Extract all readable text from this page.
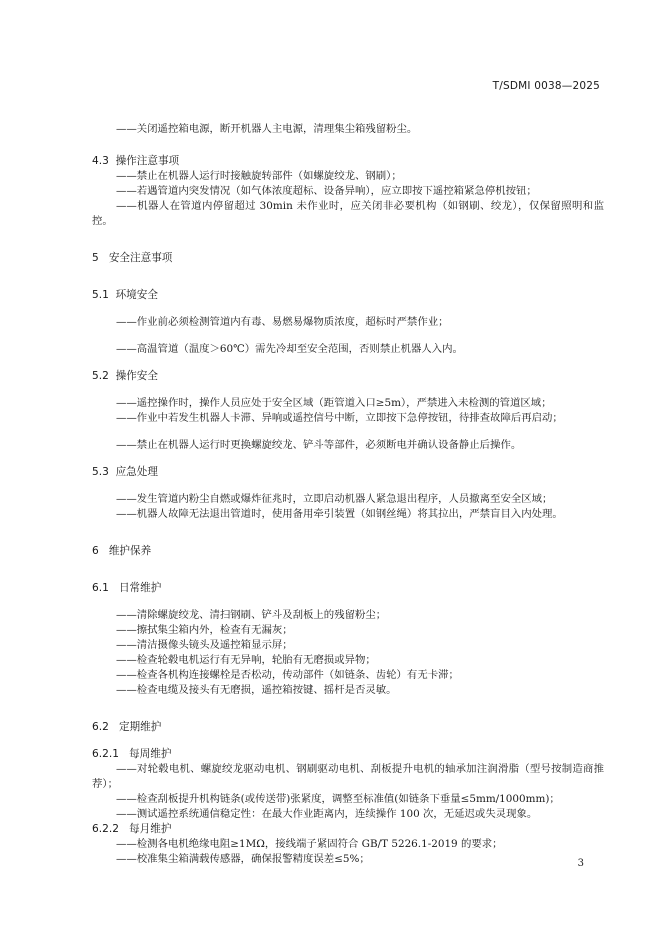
T/SDMI 0038—2025

——关闭遥控箱电源，断开机器人主电源，清理集尘箱残留粉尘。

4.3  操作注意事项

——禁止在机器人运行时接触旋转部件（如螺旋绞龙、钢刷）；

——若遇管道内突发情况（如气体浓度超标、设备异响），应立即按下遥控箱紧急停机按钮；

——机器人在管道内停留超过 30min 未作业时，应关闭非必要机构（如钢刷、绞龙），仅保留照明和监控。

5   安全注意事项

5.1  环境安全

——作业前必须检测管道内有毒、易燃易爆物质浓度，超标时严禁作业；

——高温管道（温度＞60℃）需先冷却至安全范围，否则禁止机器人入内。

5.2  操作安全

——遥控操作时，操作人员应处于安全区域（距管道入口≥5m），严禁进入未检测的管道区域；

——作业中若发生机器人卡滞、异响或遥控信号中断，立即按下急停按钮，待排查故障后再启动；

——禁止在机器人运行时更换螺旋绞龙、铲斗等部件，必须断电并确认设备静止后操作。

5.3  应急处理

——发生管道内粉尘自燃或爆炸征兆时，立即启动机器人紧急退出程序，人员撤离至安全区域；

——机器人故障无法退出管道时，使用备用牵引装置（如钢丝绳）将其拉出，严禁盲目入内处理。

6   维护保养

6.1   日常维护

——清除螺旋绞龙、清扫钢刷、铲斗及刮板上的残留粉尘；

——擦拭集尘箱内外，检查有无漏灰；

——清洁摄像头镜头及遥控箱显示屏；

——检查轮毂电机运行有无异响，轮胎有无磨损或异物；

——检查各机构连接螺栓是否松动，传动部件（如链条、齿轮）有无卡滞；

——检查电缆及接头有无磨损，遥控箱按键、摇杆是否灵敏。

6.2   定期维护

6.2.1   每周维护

——对轮毂电机、螺旋绞龙驱动电机、钢刷驱动电机、刮板提升电机的轴承加注润滑脂（型号按制造商推荐）；

——检查刮板提升机构链条(或传送带)张紧度，调整至标准值(如链条下垂量≤5mm/1000mm)；

——测试遥控系统通信稳定性：在最大作业距离内，连续操作 100 次，无延迟或失灵现象。

6.2.2   每月维护

——检测各电机绝缘电阻≥1MΩ，接线端子紧固符合 GB/T 5226.1-2019 的要求；

——校准集尘箱满载传感器，确保报警精度误差≤5%；	3
